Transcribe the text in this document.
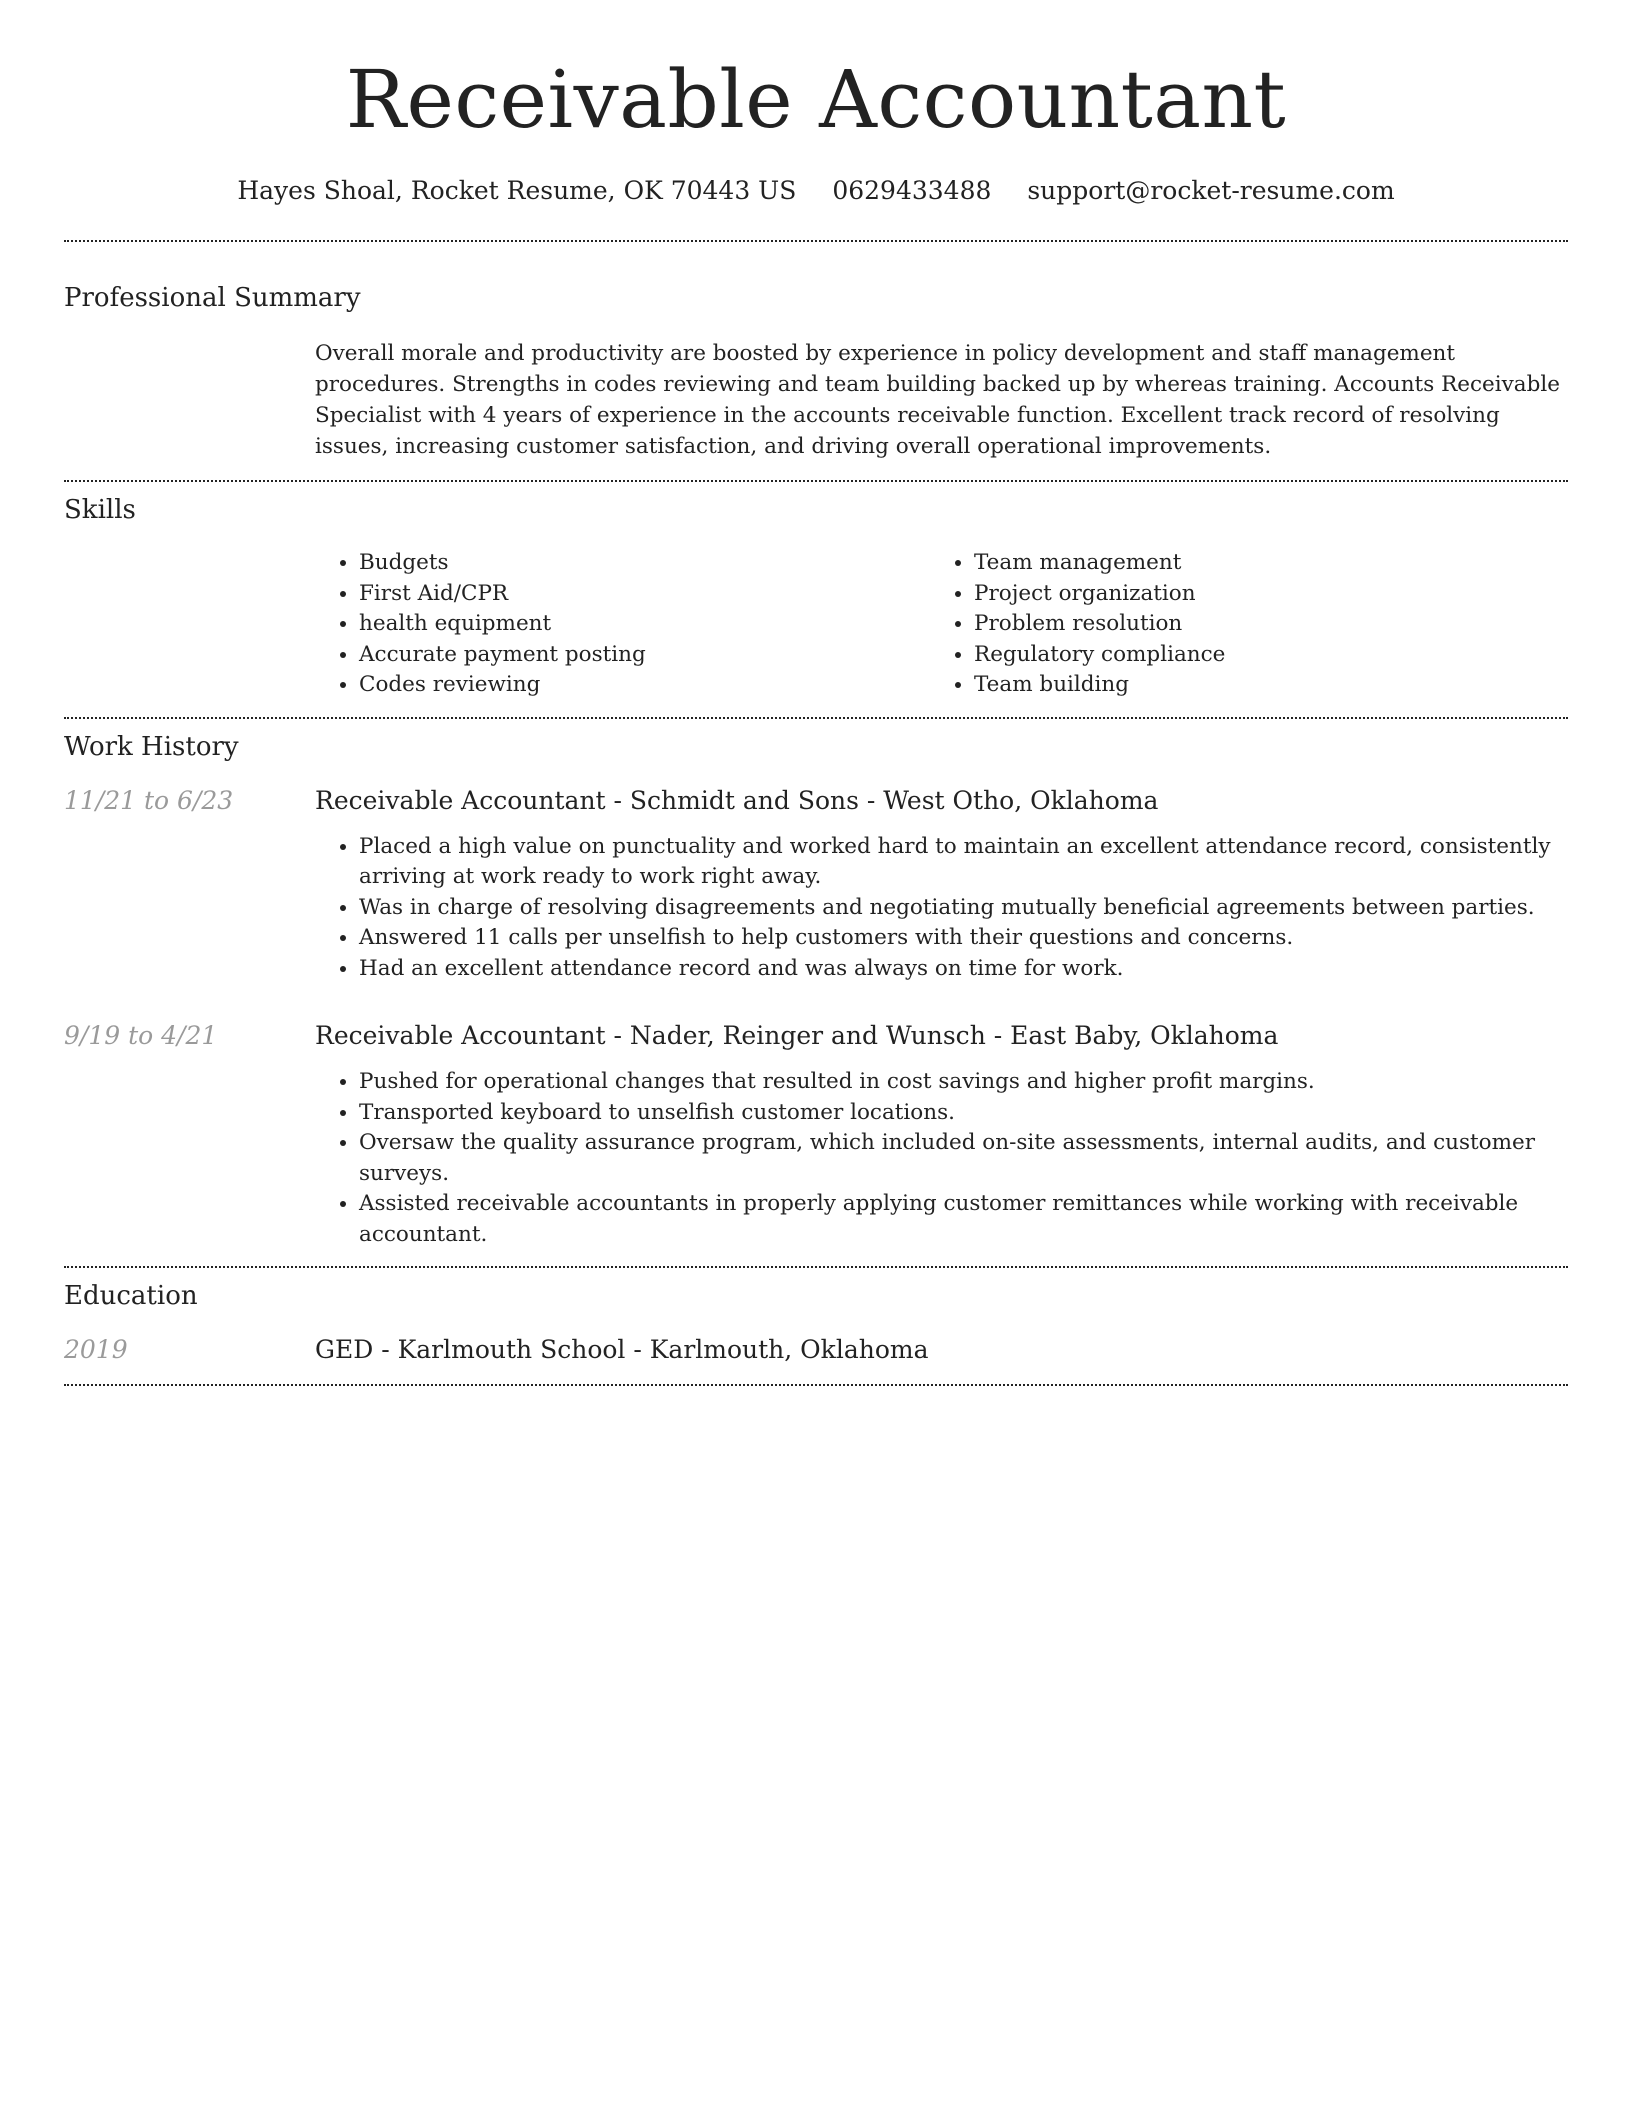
Receivable Accountant
Hayes Shoal, Rocket Resume, OK 70443 US 0629433488 support@rocket-resume.com
Professional Summary
Overall morale and productivity are boosted by experience in policy development and staff management procedures. Strengths in codes reviewing and team building backed up by whereas training. Accounts Receivable Specialist with 4 years of experience in the accounts receivable function. Excellent track record of resolving issues, increasing customer satisfaction, and driving overall operational improvements.
Skills
• Budgets
• First Aid/CPR
• health equipment
• Accurate payment posting
• Codes reviewing
• Team management
• Project organization
• Problem resolution
• Regulatory compliance
• Team building
Work History
11/21 to 6/23	Receivable Accountant - Schmidt and Sons - West Otho, Oklahoma
• Placed a high value on punctuality and worked hard to maintain an excellent attendance record, consistently arriving at work ready to work right away.
• Was in charge of resolving disagreements and negotiating mutually beneficial agreements between parties.
• Answered 11 calls per unselfish to help customers with their questions and concerns.
• Had an excellent attendance record and was always on time for work.
9/19 to 4/21	Receivable Accountant - Nader, Reinger and Wunsch - East Baby, Oklahoma
• Pushed for operational changes that resulted in cost savings and higher profit margins.
• Transported keyboard to unselfish customer locations.
• Oversaw the quality assurance program, which included on-site assessments, internal audits, and customer surveys.
• Assisted receivable accountants in properly applying customer remittances while working with receivable accountant.
Education
2019	GED - Karlmouth School - Karlmouth, Oklahoma
